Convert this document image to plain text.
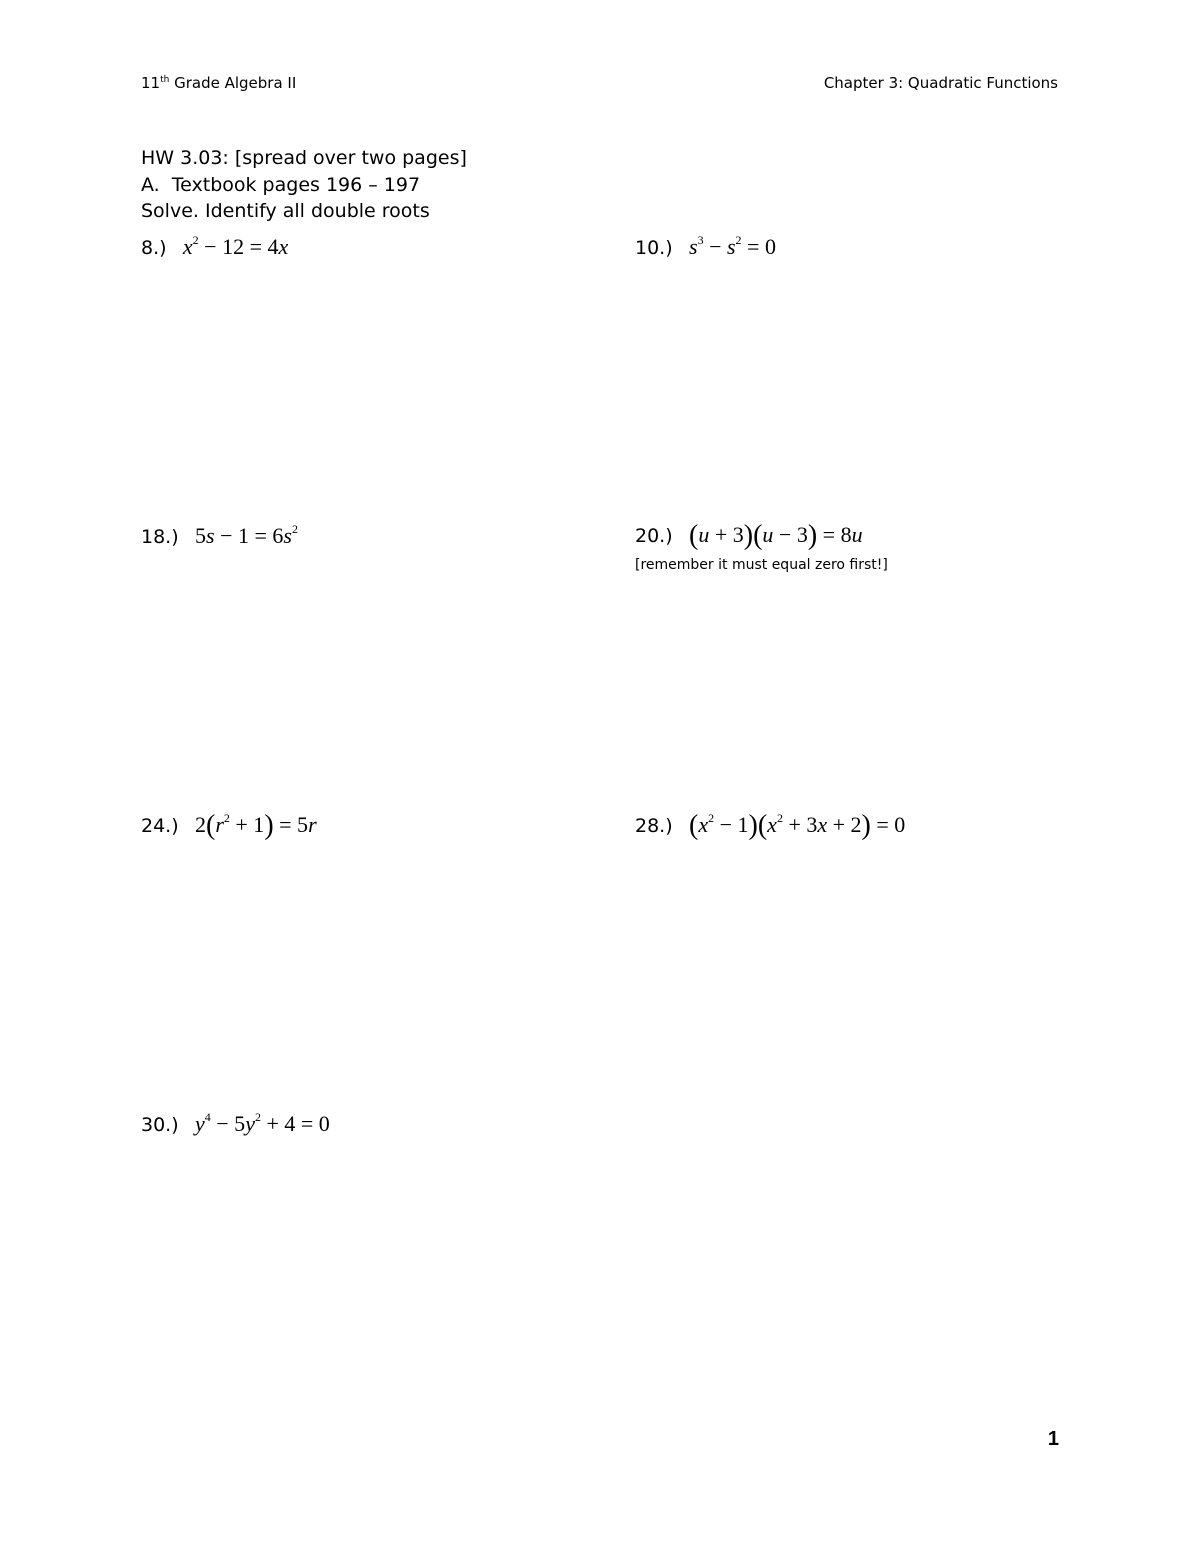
11th Grade Algebra II	Chapter 3: Quadratic Functions
HW 3.03: [spread over two pages]
A.  Textbook pages 196 – 197
Solve. Identify all double roots
8.) $x^2 - 12 = 4x$	10.) $s^3 - s^2 = 0$
18.) $5s - 1 = 6s^2$	20.) (u + 3)(u − 3) = 8u
[remember it must equal zero first!]
24.) $2(r^2 + 1) = 5r$	28.) $(x^2 - 1)(x^2 + 3x + 2) = 0$
30.) $y^4 - 5y^2 + 4 = 0$
1
